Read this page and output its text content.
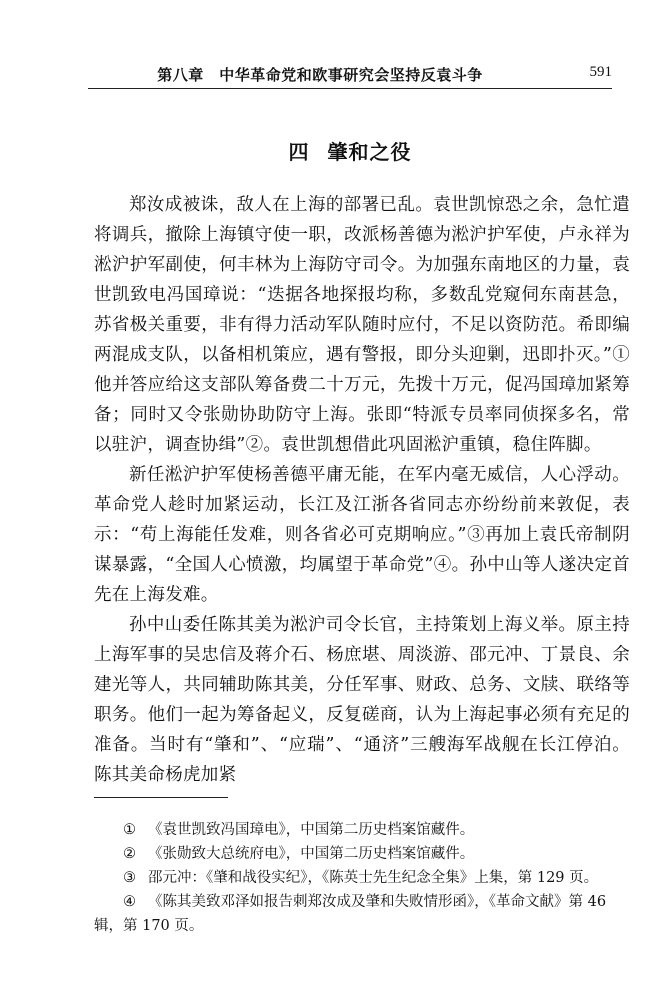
第八章　中华革命党和欧事研究会坚持反袁斗争	591
四 肇和之役

郑汝成被诛，敌人在上海的部署已乱。袁世凯惊恐之余，急忙遣将调兵，撤除上海镇守使一职，改派杨善德为淞沪护军使，卢永祥为淞沪护军副使，何丰林为上海防守司令。为加强东南地区的力量，袁世凯致电冯国璋说：“迭据各地探报均称，多数乱党窥伺东南甚急，苏省极关重要，非有得力活动军队随时应付，不足以资防范。希即编两混成支队，以备相机策应，遇有警报，即分头迎剿，迅即扑灭。”①他并答应给这支部队筹备费二十万元，先拨十万元，促冯国璋加紧筹备；同时又令张勋协助防守上海。张即“特派专员率同侦探多名，常以驻沪，调查协缉”②。袁世凯想借此巩固淞沪重镇，稳住阵脚。

新任淞沪护军使杨善德平庸无能，在军内毫无威信，人心浮动。革命党人趁时加紧运动，长江及江浙各省同志亦纷纷前来敦促，表示：“苟上海能任发难，则各省必可克期响应。”③再加上袁氏帝制阴谋暴露，“全国人心愤激，均属望于革命党”④。孙中山等人遂决定首先在上海发难。

孙中山委任陈其美为淞沪司令长官，主持策划上海义举。原主持上海军事的吴忠信及蒋介石、杨庶堪、周淡游、邵元冲、丁景良、余建光等人，共同辅助陈其美，分任军事、财政、总务、文牍、联络等职务。他们一起为筹备起义，反复磋商，认为上海起事必须有充足的准备。当时有“肇和”、“应瑞”、“通济”三艘海军战舰在长江停泊。陈其美命杨虎加紧

① 《袁世凯致冯国璋电》，中国第二历史档案馆藏件。

② 《张勋致大总统府电》，中国第二历史档案馆藏件。

③ 邵元冲：《肇和战役实纪》，《陈英士先生纪念全集》上集，第 129 页。

④ 《陈其美致邓泽如报告刺郑汝成及肇和失败情形函》，《革命文献》第 46 辑，第 170 页。
